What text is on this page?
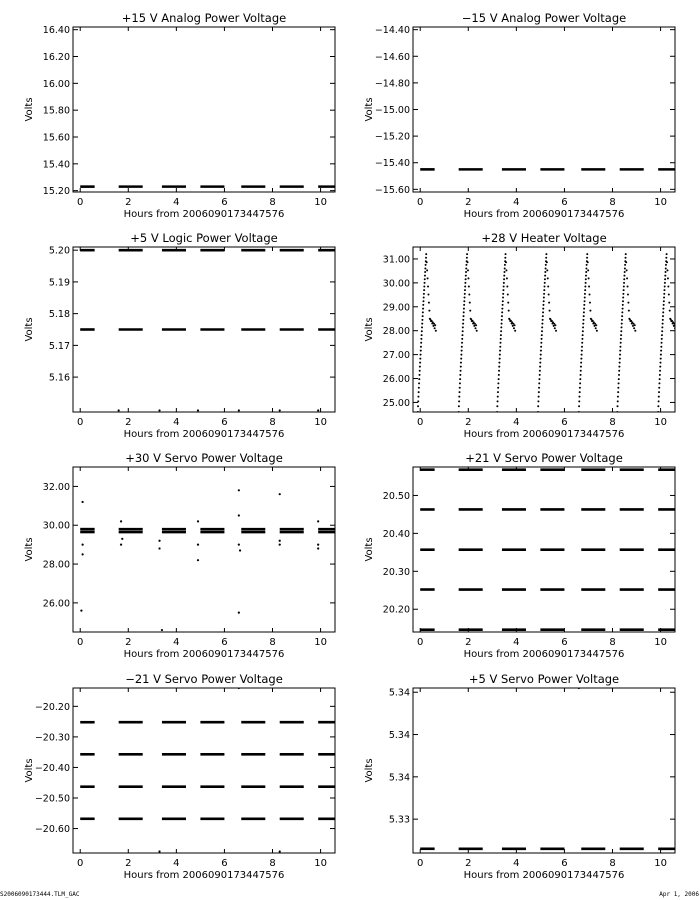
+15 V Analog Power Voltage
0	2	4	6	8	10
15.20
15.40
15.60
15.80
16.00
16.20
16.40
Hours from 2006090173447576
Volts
−15 V Analog Power Voltage
0	2	4	6	8	10
−15.60
−15.40
−15.20
−15.00
−14.80
−14.60
−14.40
Hours from 2006090173447576
Volts
+5 V Logic Power Voltage
0	2	4	6	8	10
5.16
5.17
5.18
5.19
5.20
Hours from 2006090173447576
Volts
+28 V Heater Voltage
0	2	4	6	8	10
25.00
26.00
27.00
28.00
29.00
30.00
31.00
Hours from 2006090173447576
Volts
+30 V Servo Power Voltage
0	2	4	6	8	10
26.00
28.00
30.00
32.00
Hours from 2006090173447576
Volts
+21 V Servo Power Voltage
0	2	4	6	8	10
20.20
20.30
20.40
20.50
Hours from 2006090173447576
Volts
−21 V Servo Power Voltage
0	2	4	6	8	10
−20.60
−20.50
−20.40
−20.30
−20.20
Hours from 2006090173447576
Volts
+5 V Servo Power Voltage
0	2	4	6	8	10
5.33
5.34
5.34
5.34
Hours from 2006090173447576
Volts
S2006090173444.TLM_GAC	Apr 1, 2006
